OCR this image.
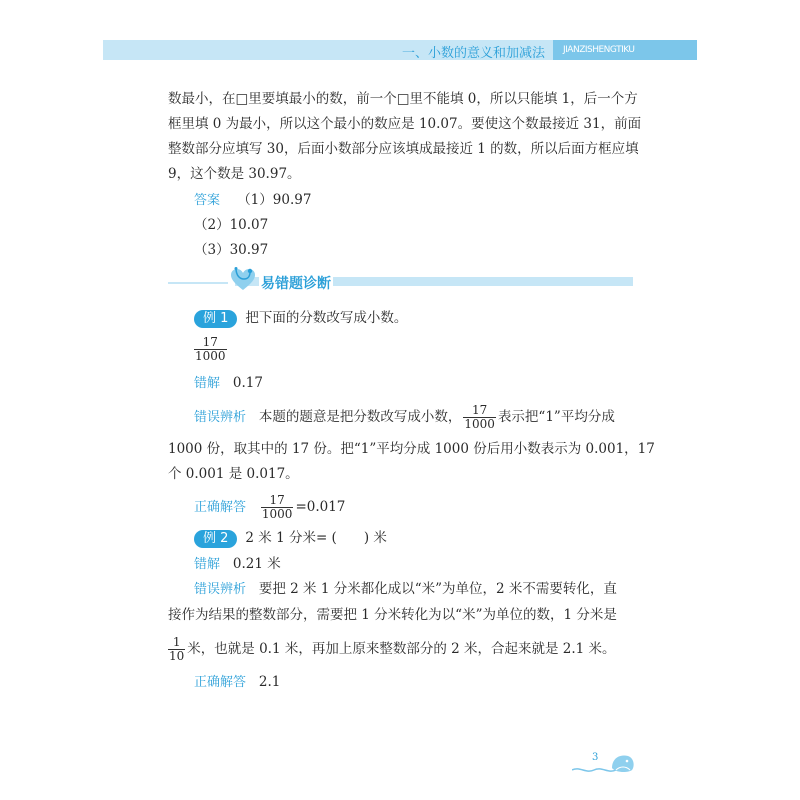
一、小数的意义和加减法	JIANZISHENGTIKU
数最小，在□里要填最小的数，前一个□里不能填 0，所以只能填 1，后一个方
框里填 0 为最小，所以这个最小的数应是 10.07。要使这个数最接近 31，前面
整数部分应填写 30，后面小数部分应该填成最接近 1 的数，所以后面方框应填
9，这个数是 30.97。
答案 （1）90.97
（2）10.07
（3）30.97
易错题诊断
例 1 把下面的分数改写成小数。
$\frac{17}{1000}$
错解 0.17
错误辨析 本题的题意是把分数改写成小数， $\frac{17}{1000}$ 表示把“1”平均分成
1000 份，取其中的 17 份。把“1”平均分成 1000 份后用小数表示为 0.001，17
个 0.001 是 0.017。
正确解答 $\frac{17}{1000} =0.017$
例 2 2 米 1 分米= (　　) 米
错解 0.21 米
错误辨析 要把 2 米 1 分米都化成以“米”为单位，2 米不需要转化，直
接作为结果的整数部分，需要把 1 分米转化为以“米”为单位的数，1 分米是
$\frac{1}{10}$ 米，也就是 0.1 米，再加上原来整数部分的 2 米，合起来就是 2.1 米。
正确解答 2.1
3
